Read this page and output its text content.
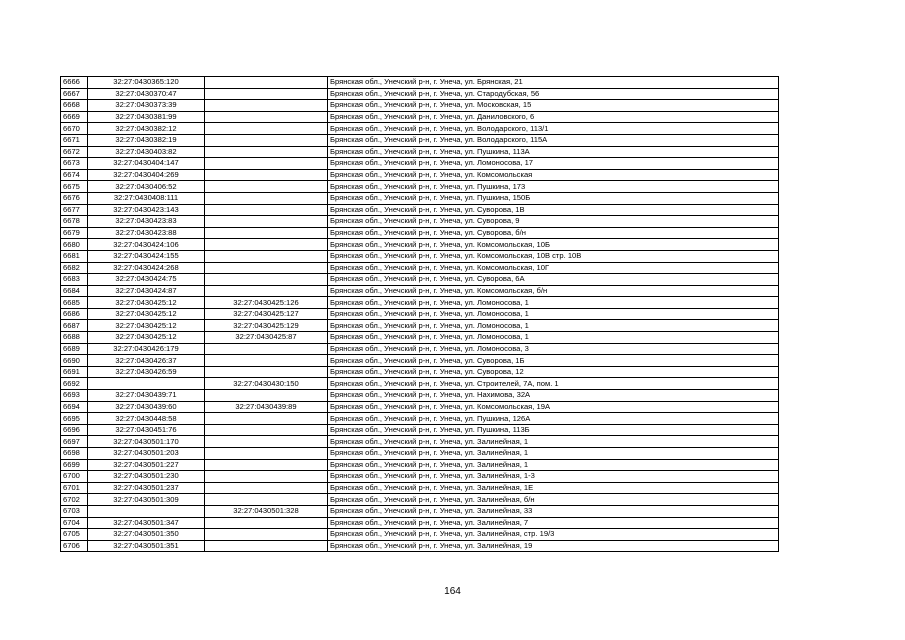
6666	32:27:0430365:120		Брянская обл., Унечский р-н, г. Унеча, ул. Брянская, 21
6667	32:27:0430370:47		Брянская обл., Унечский р-н, г. Унеча, ул. Стародубская, 56
6668	32:27:0430373:39		Брянская обл., Унечский р-н, г. Унеча, ул. Московская, 15
6669	32:27:0430381:99		Брянская обл., Унечский р-н, г. Унеча, ул. Даниловского, 6
6670	32:27:0430382:12		Брянская обл., Унечский р-н, г. Унеча, ул. Володарского, 113/1
6671	32:27:0430382:19		Брянская обл., Унечский р-н, г. Унеча, ул. Володарского, 115А
6672	32:27:0430403:82		Брянская обл., Унечский р-н, г. Унеча, ул. Пушкина, 113А
6673	32:27:0430404:147		Брянская обл., Унечский р-н, г. Унеча, ул. Ломоносова, 17
6674	32:27:0430404:269		Брянская обл., Унечский р-н, г. Унеча, ул. Комсомольская
6675	32:27:0430406:52		Брянская обл., Унечский р-н, г. Унеча, ул. Пушкина, 173
6676	32:27:0430408:111		Брянская обл., Унечский р-н, г. Унеча, ул. Пушкина, 150Б
6677	32:27:0430423:143		Брянская обл., Унечский р-н, г. Унеча, ул. Суворова, 1В
6678	32:27:0430423:83		Брянская обл., Унечский р-н, г. Унеча, ул. Суворова, 9
6679	32:27:0430423:88		Брянская обл., Унечский р-н, г. Унеча, ул. Суворова, б/н
6680	32:27:0430424:106		Брянская обл., Унечский р-н, г. Унеча, ул. Комсомольская, 10Б
6681	32:27:0430424:155		Брянская обл., Унечский р-н, г. Унеча, ул. Комсомольская, 10В стр. 10В
6682	32:27:0430424:268		Брянская обл., Унечский р-н, г. Унеча, ул. Комсомольская, 10Г
6683	32:27:0430424:75		Брянская обл., Унечский р-н, г. Унеча, ул. Суворова, 6А
6684	32:27:0430424:87		Брянская обл., Унечский р-н, г. Унеча, ул. Комсомольская, б/н
6685	32:27:0430425:12	32:27:0430425:126	Брянская обл., Унечский р-н, г. Унеча, ул. Ломоносова, 1
6686	32:27:0430425:12	32:27:0430425:127	Брянская обл., Унечский р-н, г. Унеча, ул. Ломоносова, 1
6687	32:27:0430425:12	32:27:0430425:129	Брянская обл., Унечский р-н, г. Унеча, ул. Ломоносова, 1
6688	32:27:0430425:12	32:27:0430425:87	Брянская обл., Унечский р-н, г. Унеча, ул. Ломоносова, 1
6689	32:27:0430426:179		Брянская обл., Унечский р-н, г. Унеча, ул. Ломоносова, 3
6690	32:27:0430426:37		Брянская обл., Унечский р-н, г. Унеча, ул. Суворова, 1Б
6691	32:27:0430426:59		Брянская обл., Унечский р-н, г. Унеча, ул. Суворова, 12
6692		32:27:0430430:150	Брянская обл., Унечский р-н, г. Унеча, ул. Строителей, 7А, пом. 1
6693	32:27:0430439:71		Брянская обл., Унечский р-н, г. Унеча, ул. Нахимова, 32А
6694	32:27:0430439:60	32:27:0430439:89	Брянская обл., Унечский р-н, г. Унеча, ул. Комсомольская, 19А
6695	32:27:0430448:58		Брянская обл., Унечский р-н, г. Унеча, ул. Пушкина, 126А
6696	32:27:0430451:76		Брянская обл., Унечский р-н, г. Унеча, ул. Пушкина, 113Б
6697	32:27:0430501:170		Брянская обл., Унечский р-н, г. Унеча, ул. Залинейная, 1
6698	32:27:0430501:203		Брянская обл., Унечский р-н, г. Унеча, ул. Залинейная, 1
6699	32:27:0430501:227		Брянская обл., Унечский р-н, г. Унеча, ул. Залинейная, 1
6700	32:27:0430501:230		Брянская обл., Унечский р-н, г. Унеча, ул. Залинейная, 1-3
6701	32:27:0430501:237		Брянская обл., Унечский р-н, г. Унеча, ул. Залинейная, 1Е
6702	32:27:0430501:309		Брянская обл., Унечский р-н, г. Унеча, ул. Залинейная, б/н
6703		32:27:0430501:328	Брянская обл., Унечский р-н, г. Унеча, ул. Залинейная, 33
6704	32:27:0430501:347		Брянская обл., Унечский р-н, г. Унеча, ул. Залинейная, 7
6705	32:27:0430501:350		Брянская обл., Унечский р-н, г. Унеча, ул. Залинейная, стр. 19/3
6706	32:27:0430501:351		Брянская обл., Унечский р-н, г. Унеча, ул. Залинейная, 19
164
